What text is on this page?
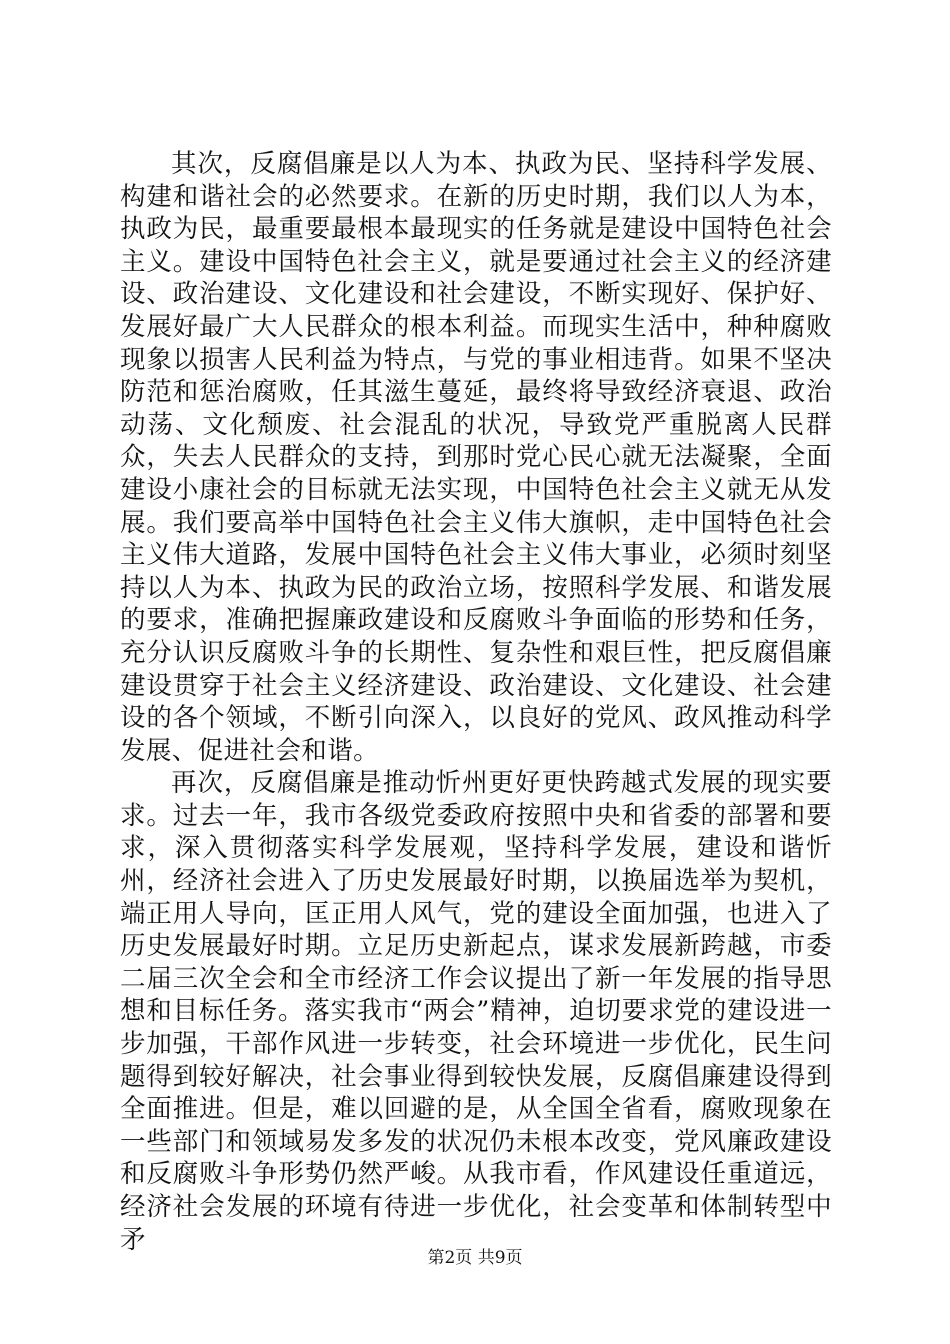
其次，反腐倡廉是以人为本、执政为民、坚持科学发展、构建和谐社会的必然要求。在新的历史时期，我们以人为本，执政为民，最重要最根本最现实的任务就是建设中国特色社会主义。建设中国特色社会主义，就是要通过社会主义的经济建设、政治建设、文化建设和社会建设，不断实现好、保护好、发展好最广大人民群众的根本利益。而现实生活中，种种腐败现象以损害人民利益为特点，与党的事业相违背。如果不坚决防范和惩治腐败，任其滋生蔓延，最终将导致经济衰退、政治动荡、文化颓废、社会混乱的状况，导致党严重脱离人民群众，失去人民群众的支持，到那时党心民心就无法凝聚，全面建设小康社会的目标就无法实现，中国特色社会主义就无从发展。我们要高举中国特色社会主义伟大旗帜，走中国特色社会主义伟大道路，发展中国特色社会主义伟大事业，必须时刻坚持以人为本、执政为民的政治立场，按照科学发展、和谐发展的要求，准确把握廉政建设和反腐败斗争面临的形势和任务，充分认识反腐败斗争的长期性、复杂性和艰巨性，把反腐倡廉建设贯穿于社会主义经济建设、政治建设、文化建设、社会建设的各个领域，不断引向深入，以良好的党风、政风推动科学发展、促进社会和谐。

再次，反腐倡廉是推动忻州更好更快跨越式发展的现实要求。过去一年，我市各级党委政府按照中央和省委的部署和要求，深入贯彻落实科学发展观，坚持科学发展，建设和谐忻州，经济社会进入了历史发展最好时期，以换届选举为契机，端正用人导向，匡正用人风气，党的建设全面加强，也进入了历史发展最好时期。立足历史新起点，谋求发展新跨越，市委二届三次全会和全市经济工作会议提出了新一年发展的指导思想和目标任务。落实我市“两会”精神，迫切要求党的建设进一步加强，干部作风进一步转变，社会环境进一步优化，民生问题得到较好解决，社会事业得到较快发展，反腐倡廉建设得到全面推进。但是，难以回避的是，从全国全省看，腐败现象在一些部门和领域易发多发的状况仍未根本改变，党风廉政建设和反腐败斗争形势仍然严峻。从我市看，作风建设任重道远，经济社会发展的环境有待进一步优化，社会变革和体制转型中矛

第2页 共9页
